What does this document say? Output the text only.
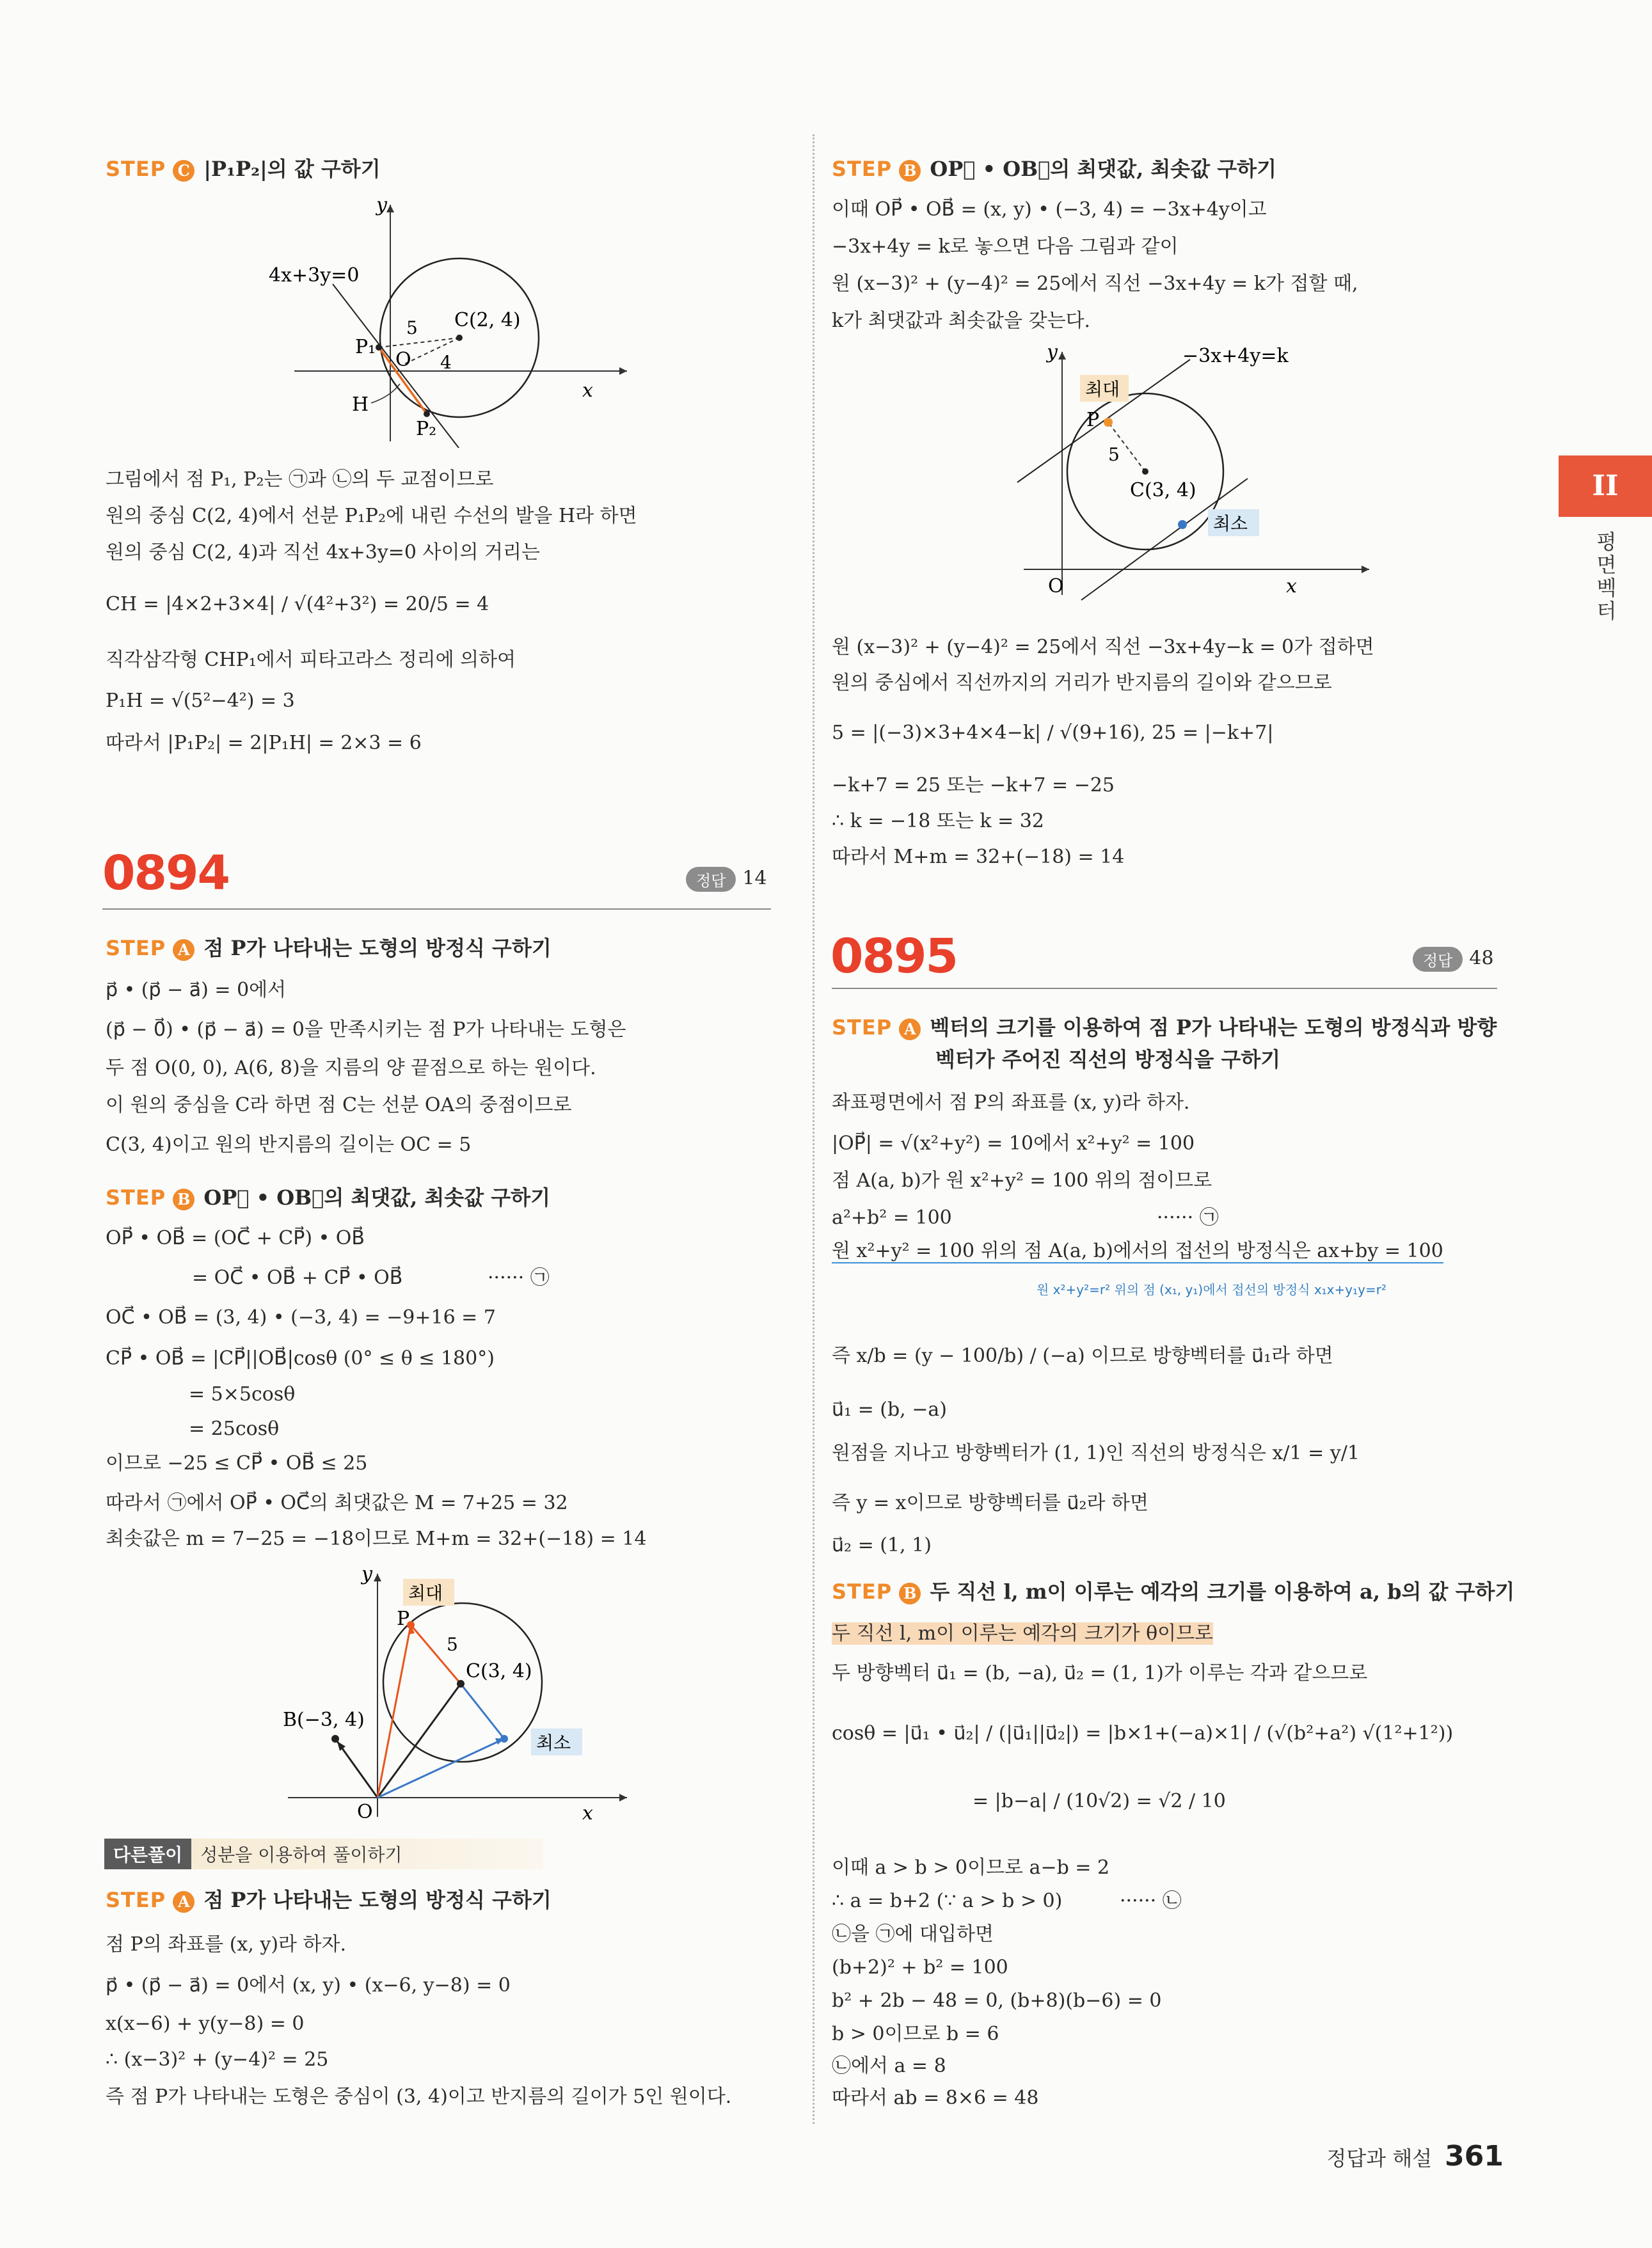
II
평면벡터
STEP C |P₁P₂|의 값 구하기
y
x
4x+3y=0
C(2, 4)
5
4
O
P₁
P₂
H
그림에서 점 P₁, P₂는 ㉠과 ㉡의 두 교점이므로
원의 중심 C(2, 4)에서 선분 P₁P₂에 내린 수선의 발을 H라 하면
원의 중심 C(2, 4)과 직선 4x+3y=0 사이의 거리는
CH = |4×2+3×4| / √(4²+3²) = 20/5 = 4
직각삼각형 CHP₁에서 피타고라스 정리에 의하여
P₁H = √(5²−4²) = 3
따라서 |P₁P₂| = 2|P₁H| = 2×3 = 6
0894	정답 14
STEP A 점 P가 나타내는 도형의 방정식 구하기
p⃗ • (p⃗ − a⃗) = 0에서
(p⃗ − 0⃗) • (p⃗ − a⃗) = 0을 만족시키는 점 P가 나타내는 도형은
두 점 O(0, 0), A(6, 8)을 지름의 양 끝점으로 하는 원이다.
이 원의 중심을 C라 하면 점 C는 선분 OA의 중점이므로
C(3, 4)이고 원의 반지름의 길이는 OC = 5
STEP B OP⃗ • OB⃗의 최댓값, 최솟값 구하기
OP⃗ • OB⃗ = (OC⃗ + CP⃗) • OB⃗
= OC⃗ • OB⃗ + CP⃗ • OB⃗	······ ㉠
OC⃗ • OB⃗ = (3, 4) • (−3, 4) = −9+16 = 7
CP⃗ • OB⃗ = |CP⃗||OB⃗|cosθ (0° ≤ θ ≤ 180°)
= 5×5cosθ
= 25cosθ
이므로 −25 ≤ CP⃗ • OB⃗ ≤ 25
따라서 ㉠에서 OP⃗ • OC⃗의 최댓값은 M = 7+25 = 32
최솟값은 m = 7−25 = −18이므로 M+m = 32+(−18) = 14
y
x
최대
최소
P
5
C(3, 4)
B(−3, 4)
O
다른풀이 성분을 이용하여 풀이하기
STEP A 점 P가 나타내는 도형의 방정식 구하기
점 P의 좌표를 (x, y)라 하자.
p⃗ • (p⃗ − a⃗) = 0에서 (x, y) • (x−6, y−8) = 0
x(x−6) + y(y−8) = 0
∴ (x−3)² + (y−4)² = 25
즉 점 P가 나타내는 도형은 중심이 (3, 4)이고 반지름의 길이가 5인 원이다.
STEP B OP⃗ • OB⃗의 최댓값, 최솟값 구하기
이때 OP⃗ • OB⃗ = (x, y) • (−3, 4) = −3x+4y이고
−3x+4y = k로 놓으면 다음 그림과 같이
원 (x−3)² + (y−4)² = 25에서 직선 −3x+4y = k가 접할 때,
k가 최댓값과 최솟값을 갖는다.
y
x
−3x+4y=k
최대
P
5
C(3, 4)
최소
O
원 (x−3)² + (y−4)² = 25에서 직선 −3x+4y−k = 0가 접하면
원의 중심에서 직선까지의 거리가 반지름의 길이와 같으므로
5 = |(−3)×3+4×4−k| / √(9+16), 25 = |−k+7|
−k+7 = 25 또는 −k+7 = −25
∴ k = −18 또는 k = 32
따라서 M+m = 32+(−18) = 14
0895	정답 48
STEP A 벡터의 크기를 이용하여 점 P가 나타내는 도형의 방정식과 방향
벡터가 주어진 직선의 방정식을 구하기
좌표평면에서 점 P의 좌표를 (x, y)라 하자.
|OP⃗| = √(x²+y²) = 10에서 x²+y² = 100
점 A(a, b)가 원 x²+y² = 100 위의 점이므로
a²+b² = 100	······ ㉠
원 x²+y² = 100 위의 점 A(a, b)에서의 접선의 방정식은 ax+by = 100
원 x²+y²=r² 위의 점 (x₁, y₁)에서 접선의 방정식 x₁x+y₁y=r²
즉 x/b = (y − 100/b) / (−a) 이므로 방향벡터를 u⃗₁라 하면
u⃗₁ = (b, −a)
원점을 지나고 방향벡터가 (1, 1)인 직선의 방정식은 x/1 = y/1
즉 y = x이므로 방향벡터를 u⃗₂라 하면
u⃗₂ = (1, 1)
STEP B 두 직선 l, m이 이루는 예각의 크기를 이용하여 a, b의 값 구하기
두 직선 l, m이 이루는 예각의 크기가 θ이므로
두 방향벡터 u⃗₁ = (b, −a), u⃗₂ = (1, 1)가 이루는 각과 같으므로
cosθ = |u⃗₁ • u⃗₂| / (|u⃗₁||u⃗₂|) = |b×1+(−a)×1| / (√(b²+a²) √(1²+1²))
= |b−a| / (10√2) = √2 / 10
이때 a > b > 0이므로 a−b = 2
∴ a = b+2 (∵ a > b > 0)	······ ㉡
㉡을 ㉠에 대입하면
(b+2)² + b² = 100
b² + 2b − 48 = 0, (b+8)(b−6) = 0
b > 0이므로 b = 6
㉡에서 a = 8
따라서 ab = 8×6 = 48
정답과 해설 361
